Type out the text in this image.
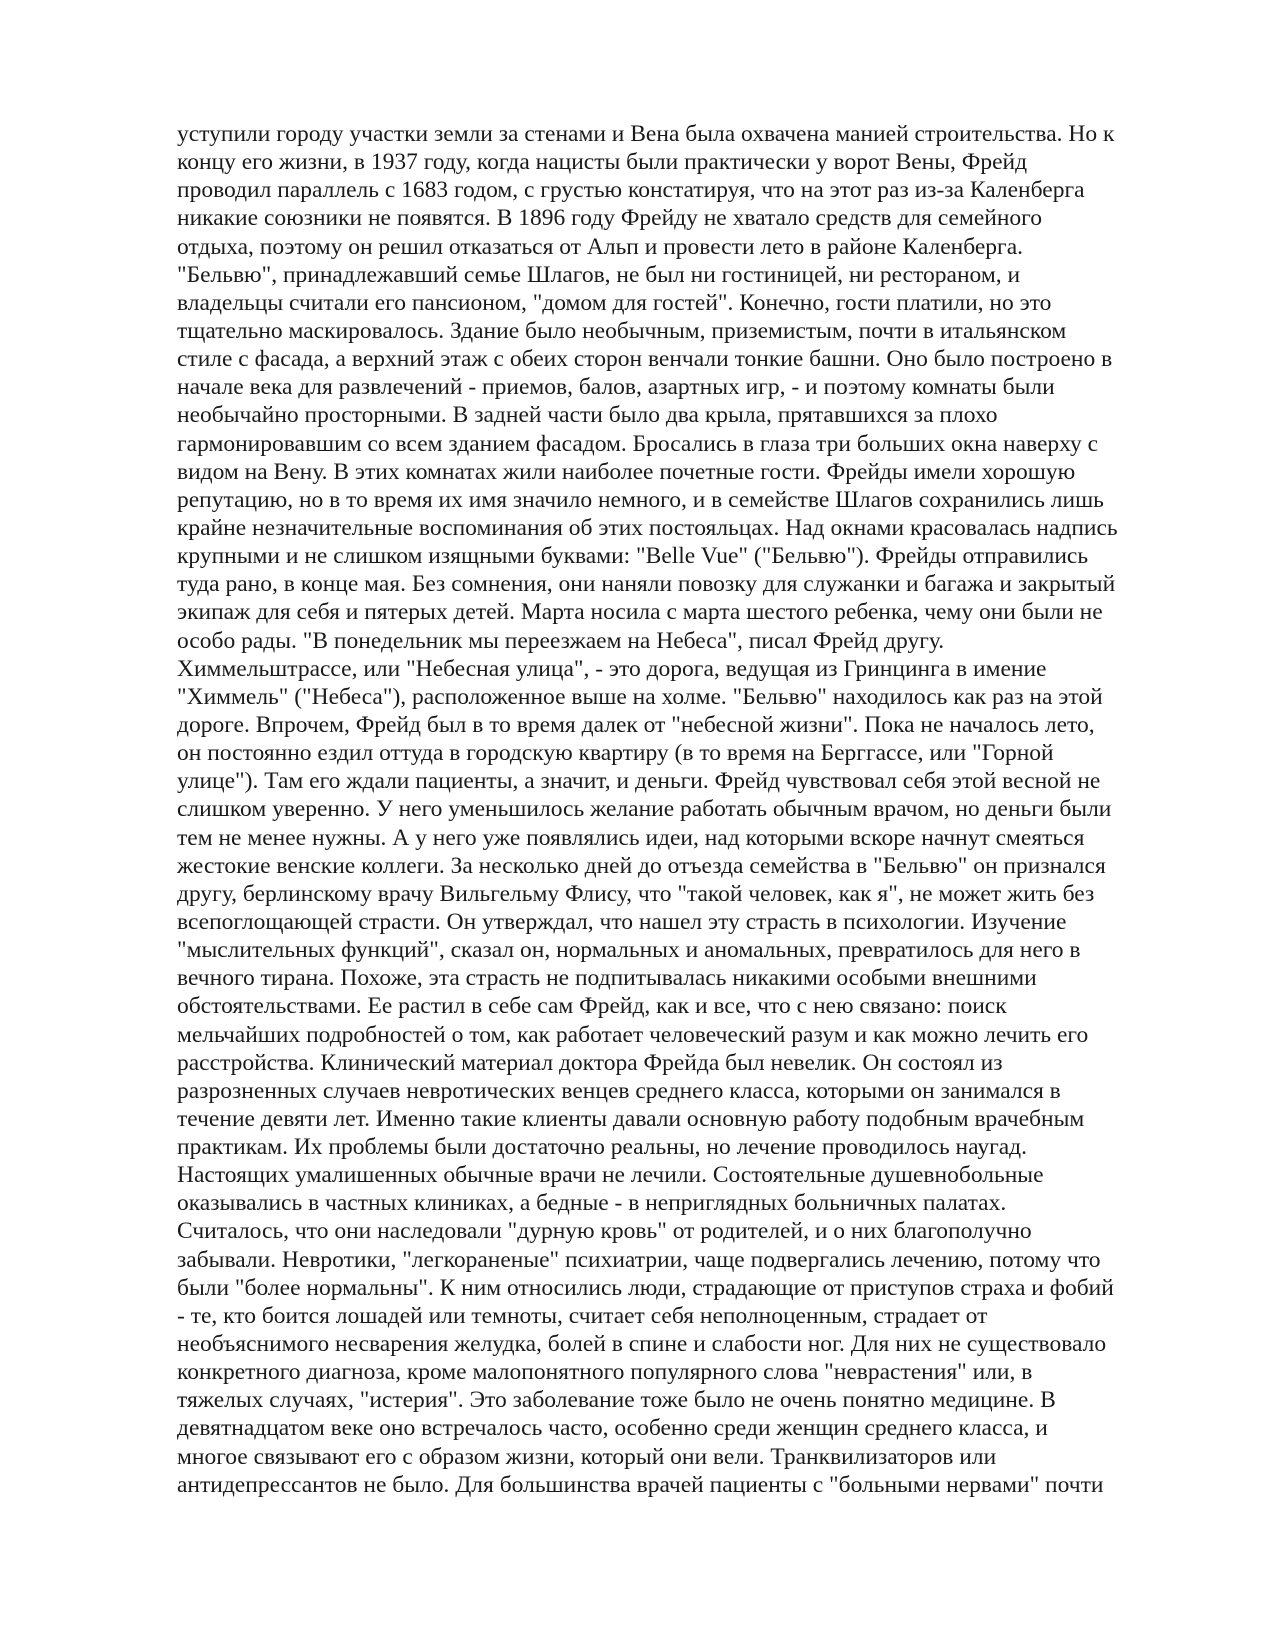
уступили городу участки земли за стенами и Вена была охвачена манией строительства. Но к
концу его жизни, в 1937 году, когда нацисты были практически у ворот Вены, Фрейд
проводил параллель с 1683 годом, с грустью констатируя, что на этот раз из-за Каленберга
никакие союзники не появятся. В 1896 году Фрейду не хватало средств для семейного
отдыха, поэтому он решил отказаться от Альп и провести лето в районе Каленберга.
"Бельвю", принадлежавший семье Шлагов, не был ни гостиницей, ни рестораном, и
владельцы считали его пансионом, "домом для гостей". Конечно, гости платили, но это
тщательно маскировалось. Здание было необычным, приземистым, почти в итальянском
стиле с фасада, а верхний этаж с обеих сторон венчали тонкие башни. Оно было построено в
начале века для развлечений - приемов, балов, азартных игр, - и поэтому комнаты были
необычайно просторными. В задней части было два крыла, прятавшихся за плохо
гармонировавшим со всем зданием фасадом. Бросались в глаза три больших окна наверху с
видом на Вену. В этих комнатах жили наиболее почетные гости. Фрейды имели хорошую
репутацию, но в то время их имя значило немного, и в семействе Шлагов сохранились лишь
крайне незначительные воспоминания об этих постояльцах. Над окнами красовалась надпись
крупными и не слишком изящными буквами: "Belle Vue" ("Бельвю"). Фрейды отправились
туда рано, в конце мая. Без сомнения, они наняли повозку для служанки и багажа и закрытый
экипаж для себя и пятерых детей. Марта носила с марта шестого ребенка, чему они были не
особо рады. "В понедельник мы переезжаем на Небеса", писал Фрейд другу.
Химмельштрассе, или "Небесная улица", - это дорога, ведущая из Гринцинга в имение
"Химмель" ("Небеса"), расположенное выше на холме. "Бельвю" находилось как раз на этой
дороге. Впрочем, Фрейд был в то время далек от "небесной жизни". Пока не началось лето,
он постоянно ездил оттуда в городскую квартиру (в то время на Берггассе, или "Горной
улице"). Там его ждали пациенты, а значит, и деньги. Фрейд чувствовал себя этой весной не
слишком уверенно. У него уменьшилось желание работать обычным врачом, но деньги были
тем не менее нужны. А у него уже появлялись идеи, над которыми вскоре начнут смеяться
жестокие венские коллеги. За несколько дней до отъезда семейства в "Бельвю" он признался
другу, берлинскому врачу Вильгельму Флису, что "такой человек, как я", не может жить без
всепоглощающей страсти. Он утверждал, что нашел эту страсть в психологии. Изучение
"мыслительных функций", сказал он, нормальных и аномальных, превратилось для него в
вечного тирана. Похоже, эта страсть не подпитывалась никакими особыми внешними
обстоятельствами. Ее растил в себе сам Фрейд, как и все, что с нею связано: поиск
мельчайших подробностей о том, как работает человеческий разум и как можно лечить его
расстройства. Клинический материал доктора Фрейда был невелик. Он состоял из
разрозненных случаев невротических венцев среднего класса, которыми он занимался в
течение девяти лет. Именно такие клиенты давали основную работу подобным врачебным
практикам. Их проблемы были достаточно реальны, но лечение проводилось наугад.
Настоящих умалишенных обычные врачи не лечили. Состоятельные душевнобольные
оказывались в частных клиниках, а бедные - в неприглядных больничных палатах.
Считалось, что они наследовали "дурную кровь" от родителей, и о них благополучно
забывали. Невротики, "легкораненые" психиатрии, чаще подвергались лечению, потому что
были "более нормальны". К ним относились люди, страдающие от приступов страха и фобий
- те, кто боится лошадей или темноты, считает себя неполноценным, страдает от
необъяснимого несварения желудка, болей в спине и слабости ног. Для них не существовало
конкретного диагноза, кроме малопонятного популярного слова "неврастения" или, в
тяжелых случаях, "истерия". Это заболевание тоже было не очень понятно медицине. В
девятнадцатом веке оно встречалось часто, особенно среди женщин среднего класса, и
многое связывают его с образом жизни, который они вели. Транквилизаторов или
антидепрессантов не было. Для большинства врачей пациенты с "больными нервами" почти
